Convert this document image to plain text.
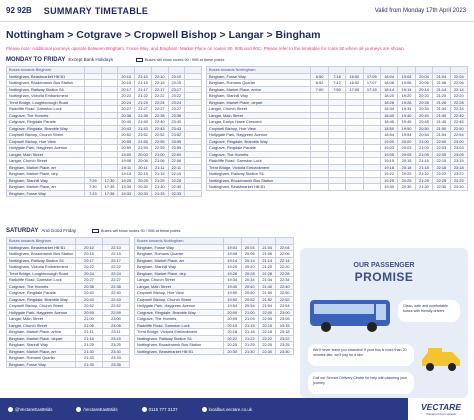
92 92B SUMMARY TIMETABLE	Valid from Monday 17th April 2023
Nottingham > Cotgrave > Cropwell Bishop > Langar > Bingham
Please note: Additional journeys operate between Bingham, Fosse Way, and Bingham, Market Place on routes 90, 90B and 90C. Please refer to the timetable for route 90 where all journeys are shown.
MONDAY TO FRIDAY Except Bank Holidays	Buses will show routes 90 / 90B at these points
Buses towards Bingham							
Nottingham, Beastmarket Hill B1			20:10	21:10	22:10	23:10	
Nottingham, Broadmarsh Bus Station			20:15	21:15	22:15	23:15	
Nottingham, Railway Station S4			20:17	21:17	22:17	23:17	
Nottingham, Victoria Embankment			20:22	21:22	22:22	23:22	
Trent Bridge, Loughborough Road			20:24	21:24	22:24	23:24	
Radcliffe Road, Gamston Lock			20:27	21:27	22:27	23:27	
Cotgrave, The Hornets			20:38	21:38	22:38	23:38	
Cotgrave, Ringdale Parade			20:40	21:40	22:40	23:40	
Cotgrave, Ringdale, Bramble Way			20:43	21:43	22:43	23:43	
Cropwell Bishop, Church Street			20:52	21:52	22:52	23:52	
Cropwell Bishop, Hoe View			20:55	21:55	22:55	23:55	
Hollygate Park, Haygreen Avenue			20:59	21:59	22:59	23:59	
Langar, Main Street			19:00	20:00	21:00	22:00	
Langar, Church Street			19:06	20:06	21:06	22:06	
Bingham, Market Place, arr			19:11	20:11	21:11	22:11	
Bingham, Market Place, dep			19:15	20:15	21:15	22:15	
Bingham, Stanhill Way	7:25	17:30	19:25	20:25	21:25	22:25	
Bingham, Market Place, arr	7:30	17:35	19:30	20:30	21:30	22:30	
Bingham, Fosse Way	7:33	17:38	19:33	20:33	21:33	22:33	
Buses towards Nottingham									
Bingham, Fosse Way	6:50	7:18	16:50	17:05	18:04	19:04	20:04	21:04	22:04
Bingham, Romans Quarter	6:52	7:42	16:52	17:07	18:06	19:06	20:06	21:06	22:06
Bingham, Market Place, arrive	7:00	7:50	17:00	17:15	18:14	19:14	20:14	21:14	22:14
Bingham, Stanhill Way					18:20	19:20	20:20	21:20	22:20
Bingham, Market Place, depart					18:28	19:28	20:28	21:28	22:28
Langar, Church Street					18:34	19:34	20:34	21:34	22:34
Langar, Main Street					18:40	19:40	20:40	21:40	22:40
Langar, Earlys Howe Crescent					18:45	19:45	20:45	21:45	22:45
Cropwell Bishop, Hoe View					18:50	19:50	20:50	21:50	22:50
Hollygate Park, Haygreen Avenue					18:54	19:54	20:54	21:54	22:54
Cotgrave, Ringdale, Bramble Way					19:00	20:00	21:00	22:00	23:00
Cotgrave, Ringdale Parade					19:03	20:03	21:03	22:03	23:03
Cotgrave, The Hornets					19:05	20:05	21:05	22:05	23:05
Radcliffe Road, Gamston Lock					19:15	20:15	21:15	22:15	23:15
Trent Bridge, Victoria Embankment					19:18	20:18	21:18	22:18	23:18
Nottingham, Railway Station S4					19:22	20:22	21:22	22:22	23:22
Nottingham, Broadmarsh Bus Station					19:25	20:25	21:25	22:25	23:25
Nottingham, Beastmarket Hill B1					19:30	20:30	21:30	22:30	23:30
SATURDAY And Good Friday	Buses will show routes 90 / 90B at these points
Buses towards Bingham		
Nottingham, Beastmarket Hill B1	20:10	22:10
Nottingham, Broadmarsh Bus Station	20:15	22:15
Nottingham, Railway Station S4	20:17	22:17
Nottingham, Victoria Embankment	20:22	22:22
Trent Bridge, Loughborough Road	20:24	22:24
Radcliffe Road, Gamston Lock	20:27	22:27
Cotgrave, The Hornets	20:38	22:38
Cotgrave, Ringdale Parade	20:40	22:40
Cotgrave, Ringdale, Bramble Way	20:43	22:43
Cropwell Bishop, Church Street	20:52	22:52
Hollygate Park, Haygreen Avenue	20:59	22:59
Langar, Main Street	21:00	23:00
Langar, Church Street	21:06	23:06
Bingham, Market Place, arrive	21:11	23:11
Bingham, Market Place, depart	21:15	23:15
Bingham, Stanhill Way	21:25	23:25
Bingham, Market Place, arr	21:30	23:30
Bingham, Romans Quarter	21:33	23:33
Bingham, Fosse Way	21:35	23:35
Buses towards Nottingham				
Bingham, Fosse Way	19:04	20:04	21:04	22:04
Bingham, Romans Quarter	19:06	20:06	21:06	22:06
Bingham, Market Place, arr	19:14	20:14	21:14	22:14
Bingham, Stanhill Way	19:20	20:20	21:20	22:20
Bingham, Market Place, dep	19:28	20:28	21:28	22:28
Langar, Church Street	19:34	20:34	21:34	22:34
Langar, Main Street	19:40	20:40	21:40	22:40
Cropwell Bishop, Hoe View	19:50	20:50	21:50	22:50
Cropwell Bishop, Church Street	19:52	20:52	21:52	22:52
Hollygate Park, Haygreen Avenue	19:54	20:54	21:54	22:54
Cotgrave, Ringdale, Bramble Way	20:00	21:00	22:00	23:00
Cotgrave, The Hornets	20:05	21:05	22:05	23:05
Radcliffe Road, Gamston Lock	20:15	21:15	22:15	23:15
Trent Bridge, Victoria Embankment	20:18	21:18	22:18	23:18
Nottingham, Railway Station S4	20:22	21:22	22:22	23:22
Nottingham, Broadmarsh Bus Station	20:25	21:25	22:25	23:25
Nottingham, Beastmarket Hill B1	20:30	21:30	22:30	23:30
OUR PASSENGER
PROMISE
Clean, safe and comfortable buses with friendly drivers
We'll never leave you stranded! If your bus is more than 20 minutes late, we'll pay for a taxi
Call our Service Delivery Centre for help with planning your journey
@VectareEastMids	/VectareEastMids	0115 777 3137	localbus.vectare.co.uk	VECTARE
Transport from scratch
